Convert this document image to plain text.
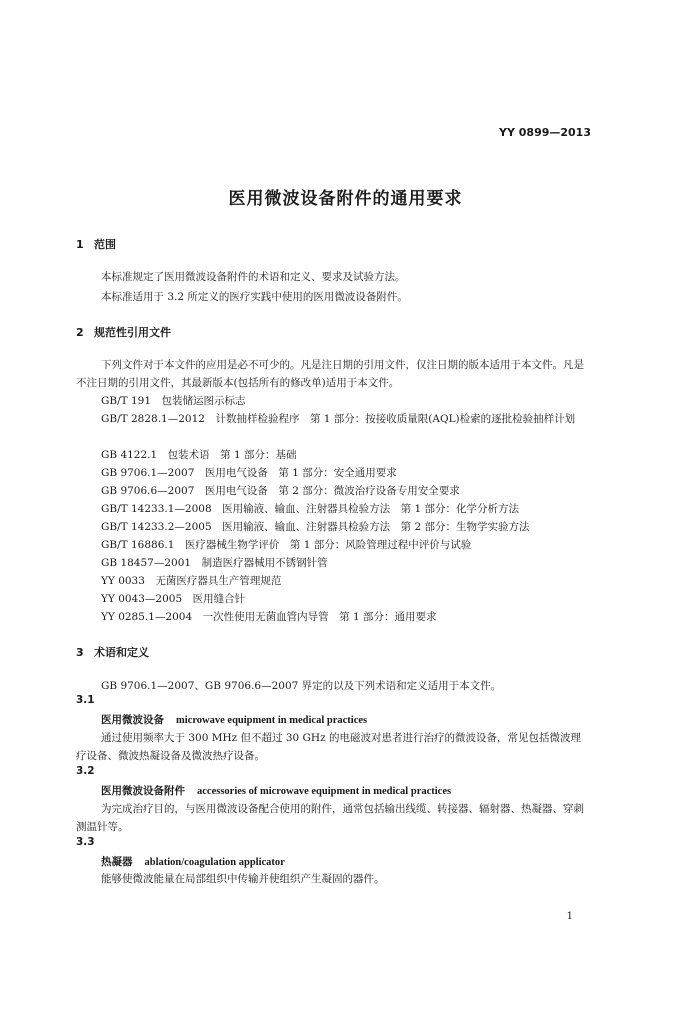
YY 0899—2013
医用微波设备附件的通用要求
1 范围
本标准规定了医用微波设备附件的术语和定义、要求及试验方法。
本标准适用于 3.2 所定义的医疗实践中使用的医用微波设备附件。
2 规范性引用文件
下列文件对于本文件的应用是必不可少的。凡是注日期的引用文件，仅注日期的版本适用于本文件。凡是不注日期的引用文件，其最新版本(包括所有的修改单)适用于本文件。
GB/T 191　包装储运图示标志
GB/T 2828.1—2012　计数抽样检验程序　第 1 部分：按接收质量限(AQL)检索的逐批检验抽样计划
GB 4122.1　包装术语　第 1 部分：基础
GB 9706.1—2007　医用电气设备　第 1 部分：安全通用要求
GB 9706.6—2007　医用电气设备　第 2 部分：微波治疗设备专用安全要求
GB/T 14233.1—2008　医用输液、输血、注射器具检验方法　第 1 部分：化学分析方法
GB/T 14233.2—2005　医用输液、输血、注射器具检验方法　第 2 部分：生物学实验方法
GB/T 16886.1　医疗器械生物学评价　第 1 部分：风险管理过程中评价与试验
GB 18457—2001　制造医疗器械用不锈钢针管
YY 0033　无菌医疗器具生产管理规范
YY 0043—2005　医用缝合针
YY 0285.1—2004　一次性使用无菌血管内导管　第 1 部分：通用要求
3 术语和定义
GB 9706.1—2007、GB 9706.6—2007 界定的以及下列术语和定义适用于本文件。
3.1
医用微波设备 microwave equipment in medical practices
通过使用频率大于 300 MHz 但不超过 30 GHz 的电磁波对患者进行治疗的微波设备，常见包括微波理疗设备、微波热凝设备及微波热疗设备。
3.2
医用微波设备附件 accessories of microwave equipment in medical practices
为完成治疗目的，与医用微波设备配合使用的附件，通常包括输出线缆、转接器、辐射器、热凝器、穿刺测温针等。
3.3
热凝器 ablation/coagulation applicator
能够使微波能量在局部组织中传输并使组织产生凝固的器件。
1
